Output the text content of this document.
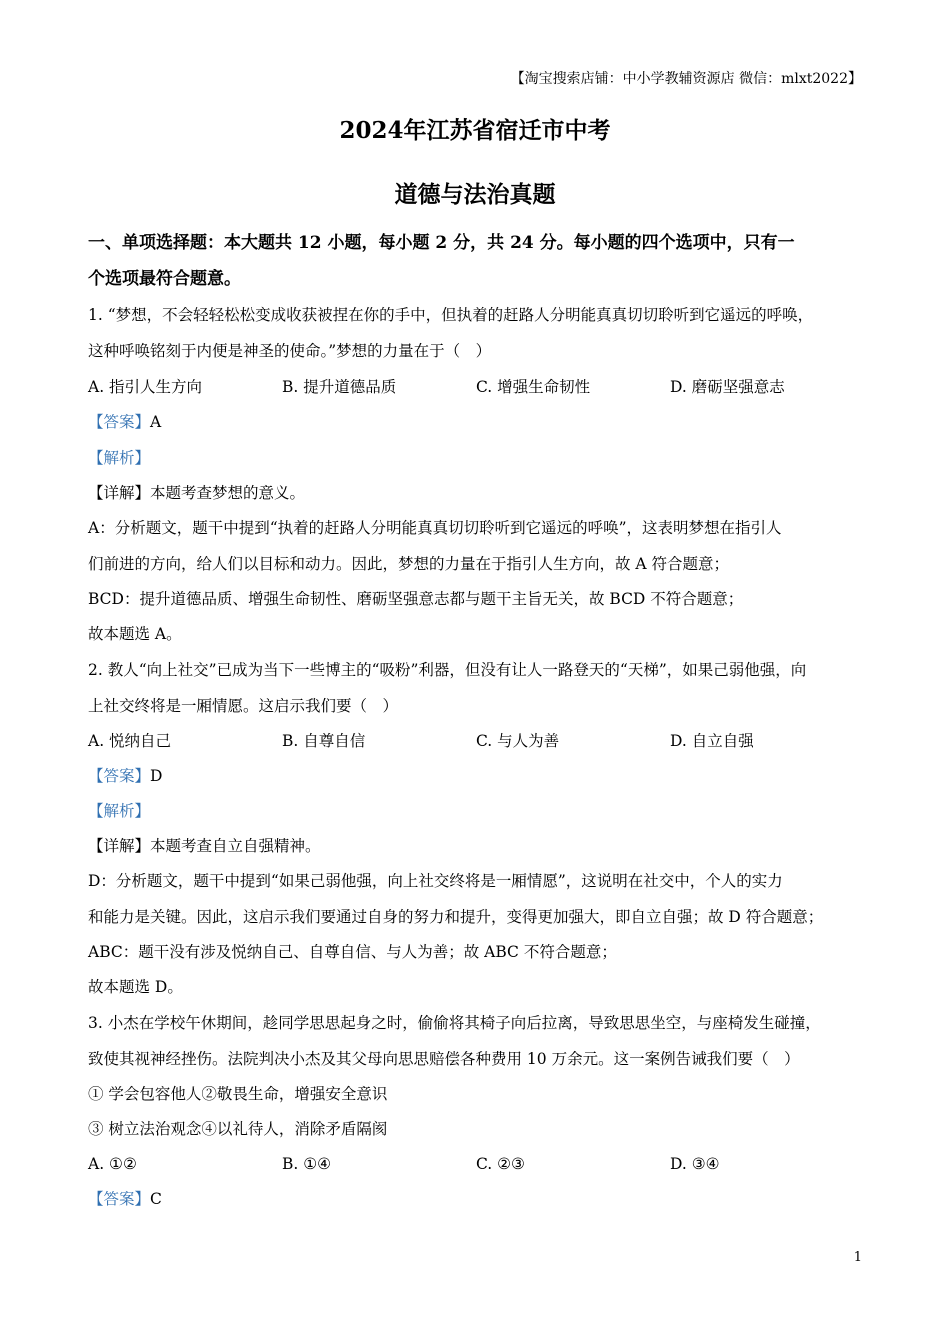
【淘宝搜索店铺：中小学教辅资源店 微信：mlxt2022】
2024年江苏省宿迁市中考
道德与法治真题
一、单项选择题：本大题共 12 小题，每小题 2 分，共 24 分。每小题的四个选项中，只有一
个选项最符合题意。
1. “梦想，不会轻轻松松变成收获被捏在你的手中，但执着的赶路人分明能真真切切聆听到它遥远的呼唤，
这种呼唤铭刻于内便是神圣的使命。”梦想的力量在于（　）
A. 指引人生方向	B. 提升道德品质	C. 增强生命韧性	D. 磨砺坚强意志
【答案】A
【解析】
【详解】本题考查梦想的意义。
A：分析题文，题干中提到“执着的赶路人分明能真真切切聆听到它遥远的呼唤”，这表明梦想在指引人
们前进的方向，给人们以目标和动力。因此，梦想的力量在于指引人生方向，故 A 符合题意；
BCD：提升道德品质、增强生命韧性、磨砺坚强意志都与题干主旨无关，故 BCD 不符合题意；
故本题选 A。
2. 教人“向上社交”已成为当下一些博主的“吸粉”利器，但没有让人一路登天的“天梯”，如果己弱他强，向
上社交终将是一厢情愿。这启示我们要（　）
A. 悦纳自己	B. 自尊自信	C. 与人为善	D. 自立自强
【答案】D
【解析】
【详解】本题考查自立自强精神。
D：分析题文，题干中提到“如果己弱他强，向上社交终将是一厢情愿”，这说明在社交中，个人的实力
和能力是关键。因此，这启示我们要通过自身的努力和提升，变得更加强大，即自立自强；故 D 符合题意；
ABC：题干没有涉及悦纳自己、自尊自信、与人为善；故 ABC 不符合题意；
故本题选 D。
3. 小杰在学校午休期间，趁同学思思起身之时，偷偷将其椅子向后拉离，导致思思坐空，与座椅发生碰撞，
致使其视神经挫伤。法院判决小杰及其父母向思思赔偿各种费用 10 万余元。这一案例告诫我们要（　）
① 学会包容他人②敬畏生命，增强安全意识
③ 树立法治观念④以礼待人，消除矛盾隔阂
A. ①②	B. ①④	C. ②③	D. ③④
【答案】C
1
